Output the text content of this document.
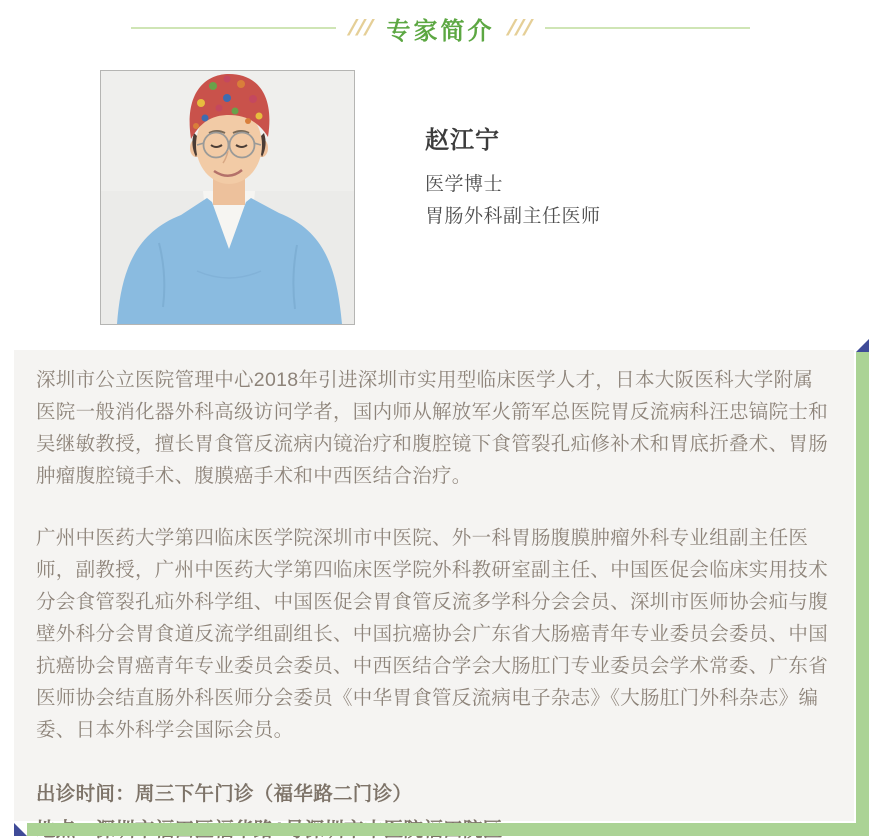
/// 专家简介 ///

赵江宁

医学博士

胃肠外科副主任医师

深圳市公立医院管理中心2018年引进深圳市实用型临床医学人才，日本大阪医科大学附属医院一般消化器外科高级访问学者，国内师从解放军火箭军总医院胃反流病科汪忠镐院士和吴继敏教授，擅长胃食管反流病内镜治疗和腹腔镜下食管裂孔疝修补术和胃底折叠术、胃肠肿瘤腹腔镜手术、腹膜癌手术和中西医结合治疗。

广州中医药大学第四临床医学院深圳市中医院、外一科胃肠腹膜肿瘤外科专业组副主任医师，副教授，广州中医药大学第四临床医学院外科教研室副主任、中国医促会临床实用技术分会食管裂孔疝外科学组、中国医促会胃食管反流多学科分会会员、深圳市医师协会疝与腹壁外科分会胃食道反流学组副组长、中国抗癌协会广东省大肠癌青年专业委员会委员、中国抗癌协会胃癌青年专业委员会委员、中西医结合学会大肠肛门专业委员会学术常委、广东省医师协会结直肠外科医师分会委员《中华胃食管反流病电子杂志》《大肠肛门外科杂志》编委、日本外科学会国际会员。

出诊时间：周三下午门诊（福华路二门诊）
